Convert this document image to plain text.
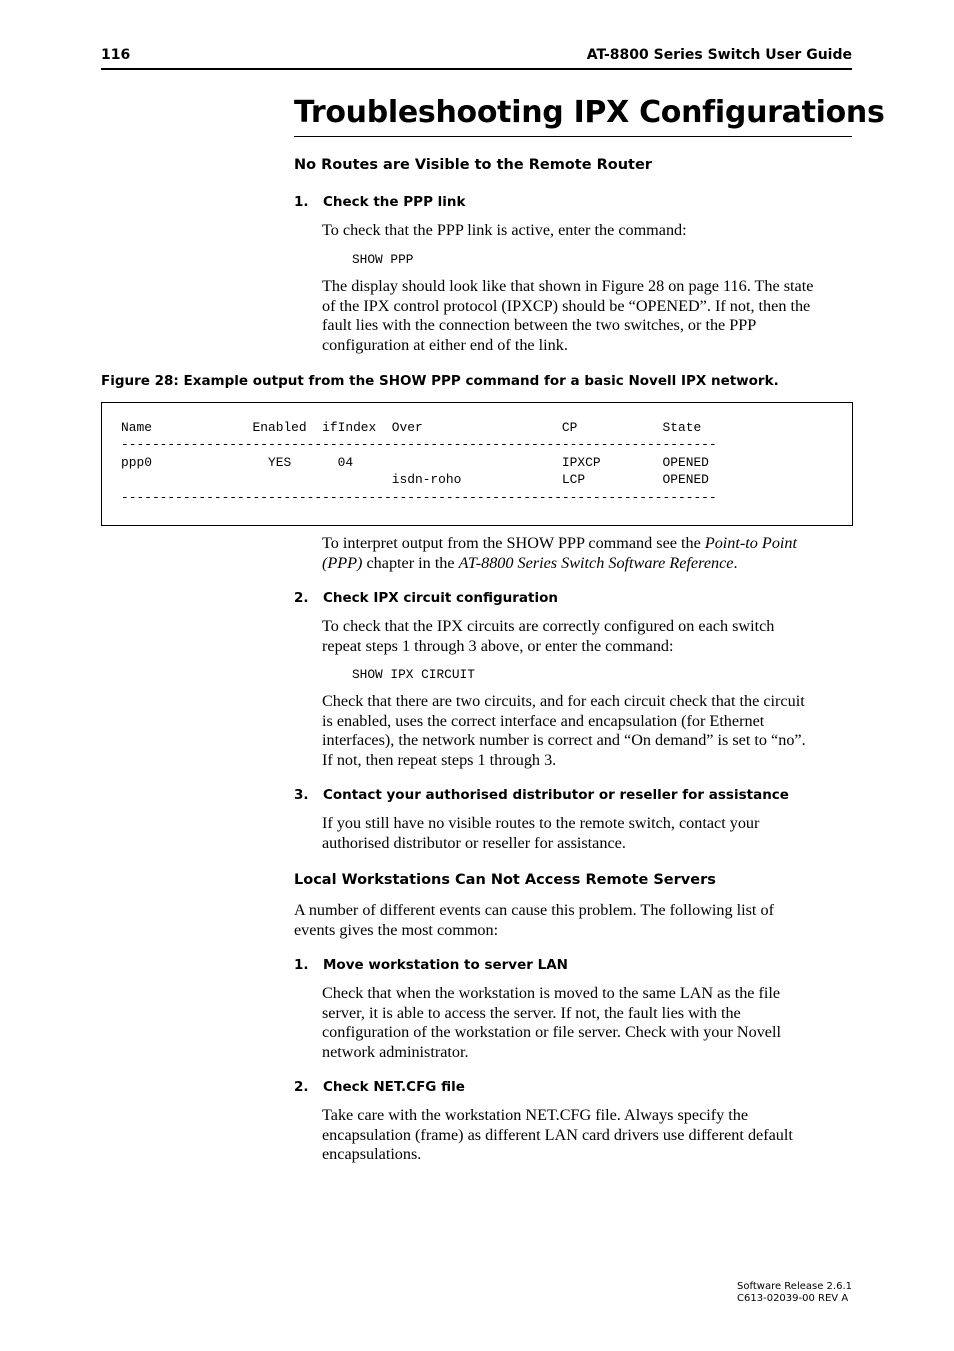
116	AT-8800 Series Switch User Guide
Troubleshooting IPX Configurations
No Routes are Visible to the Remote Router
1. Check the PPP link
To check that the PPP link is active, enter the command:
SHOW PPP
The display should look like that shown in Figure 28 on page 116. The state
of the IPX control protocol (IPXCP) should be “OPENED”. If not, then the
fault lies with the connection between the two switches, or the PPP
configuration at either end of the link.
Figure 28: Example output from the SHOW PPP command for a basic Novell IPX network.
Name             Enabled  ifIndex  Over                  CP           State
-----------------------------------------------------------------------------
ppp0               YES      04                           IPXCP        OPENED
isdn-roho             LCP          OPENED
-----------------------------------------------------------------------------
To interpret output from the SHOW PPP command see the Point-to Point
(PPP) chapter in the AT-8800 Series Switch Software Reference.
2. Check IPX circuit configuration
To check that the IPX circuits are correctly configured on each switch
repeat steps 1 through 3 above, or enter the command:
SHOW IPX CIRCUIT
Check that there are two circuits, and for each circuit check that the circuit
is enabled, uses the correct interface and encapsulation (for Ethernet
interfaces), the network number is correct and “On demand” is set to “no”.
If not, then repeat steps 1 through 3.
3. Contact your authorised distributor or reseller for assistance
If you still have no visible routes to the remote switch, contact your
authorised distributor or reseller for assistance.
Local Workstations Can Not Access Remote Servers
A number of different events can cause this problem. The following list of
events gives the most common:
1. Move workstation to server LAN
Check that when the workstation is moved to the same LAN as the file
server, it is able to access the server. If not, the fault lies with the
configuration of the workstation or file server. Check with your Novell
network administrator.
2. Check NET.CFG file
Take care with the workstation NET.CFG file. Always specify the
encapsulation (frame) as different LAN card drivers use different default
encapsulations.
Software Release 2.6.1
C613-02039-00 REV A
